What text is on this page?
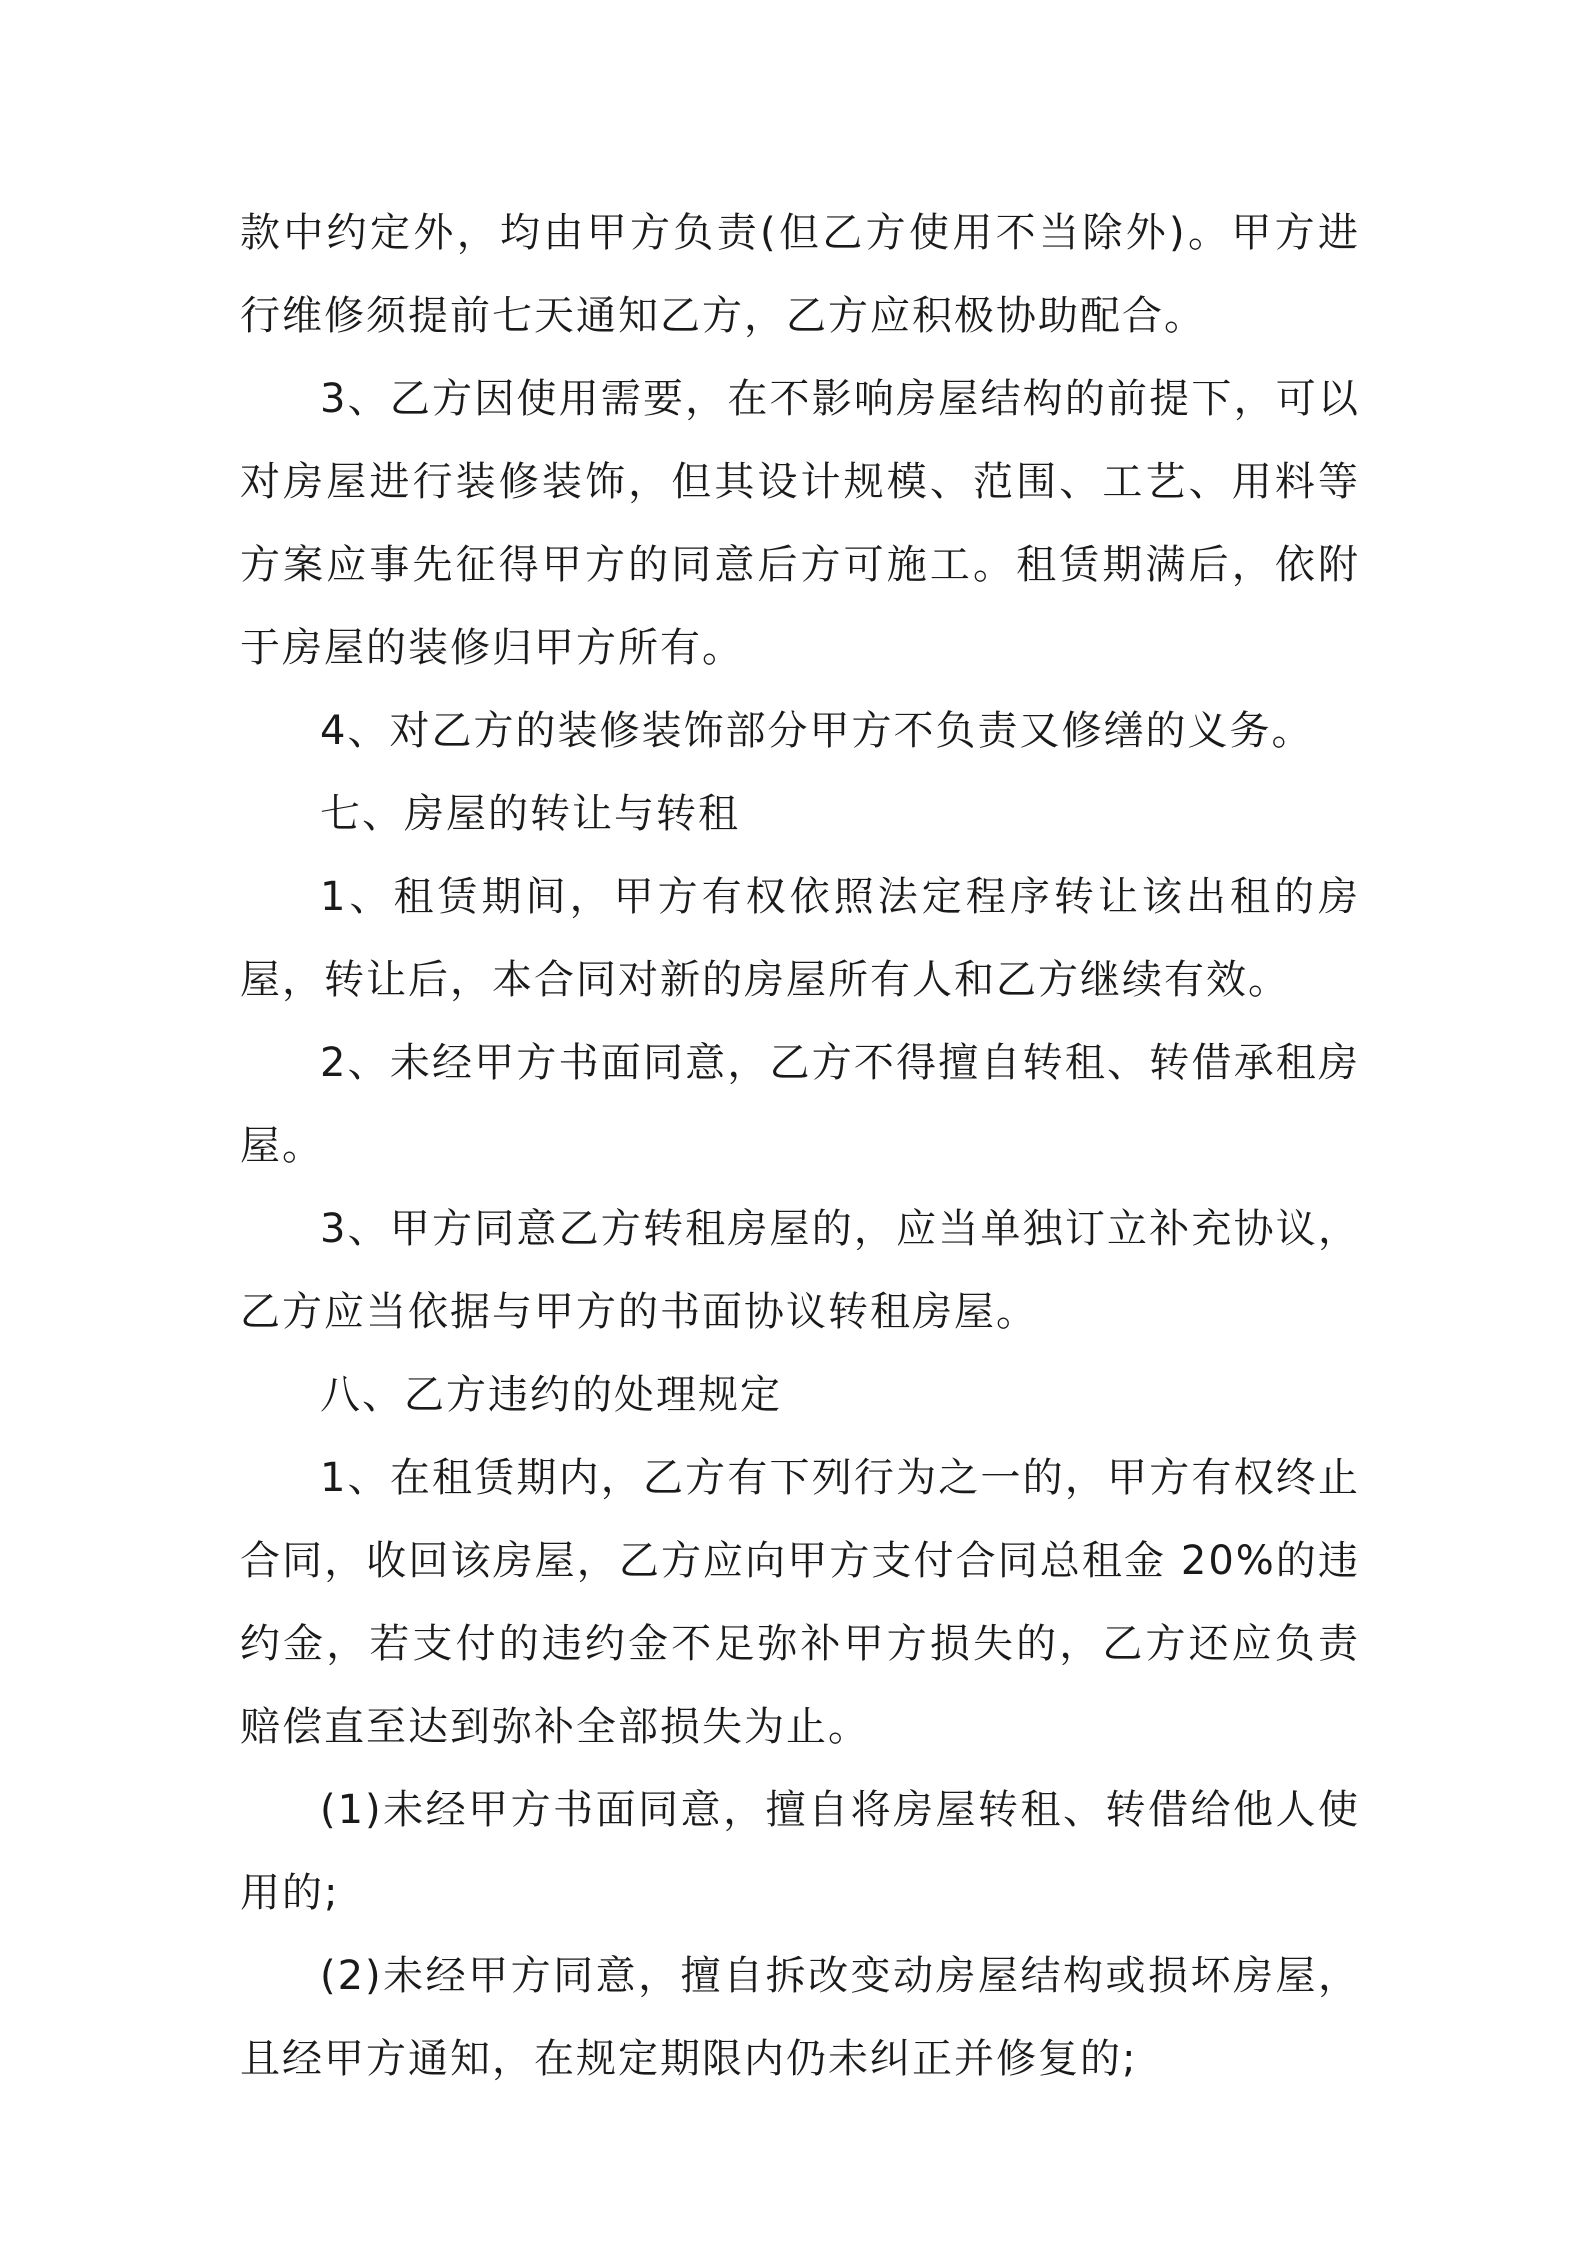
款中约定外，均由甲方负责(但乙方使用不当除外)。甲方进行维修须提前七天通知乙方，乙方应积极协助配合。

3、乙方因使用需要，在不影响房屋结构的前提下，可以对房屋进行装修装饰，但其设计规模、范围、工艺、用料等方案应事先征得甲方的同意后方可施工。租赁期满后，依附于房屋的装修归甲方所有。

4、对乙方的装修装饰部分甲方不负责又修缮的义务。

七、房屋的转让与转租

1、租赁期间，甲方有权依照法定程序转让该出租的房屋，转让后，本合同对新的房屋所有人和乙方继续有效。

2、未经甲方书面同意，乙方不得擅自转租、转借承租房屋。

3、甲方同意乙方转租房屋的，应当单独订立补充协议，乙方应当依据与甲方的书面协议转租房屋。

八、乙方违约的处理规定

1、在租赁期内，乙方有下列行为之一的，甲方有权终止合同，收回该房屋，乙方应向甲方支付合同总租金 20%的违约金，若支付的违约金不足弥补甲方损失的，乙方还应负责赔偿直至达到弥补全部损失为止。

(1)未经甲方书面同意，擅自将房屋转租、转借给他人使用的;

(2)未经甲方同意，擅自拆改变动房屋结构或损坏房屋，且经甲方通知，在规定期限内仍未纠正并修复的;
